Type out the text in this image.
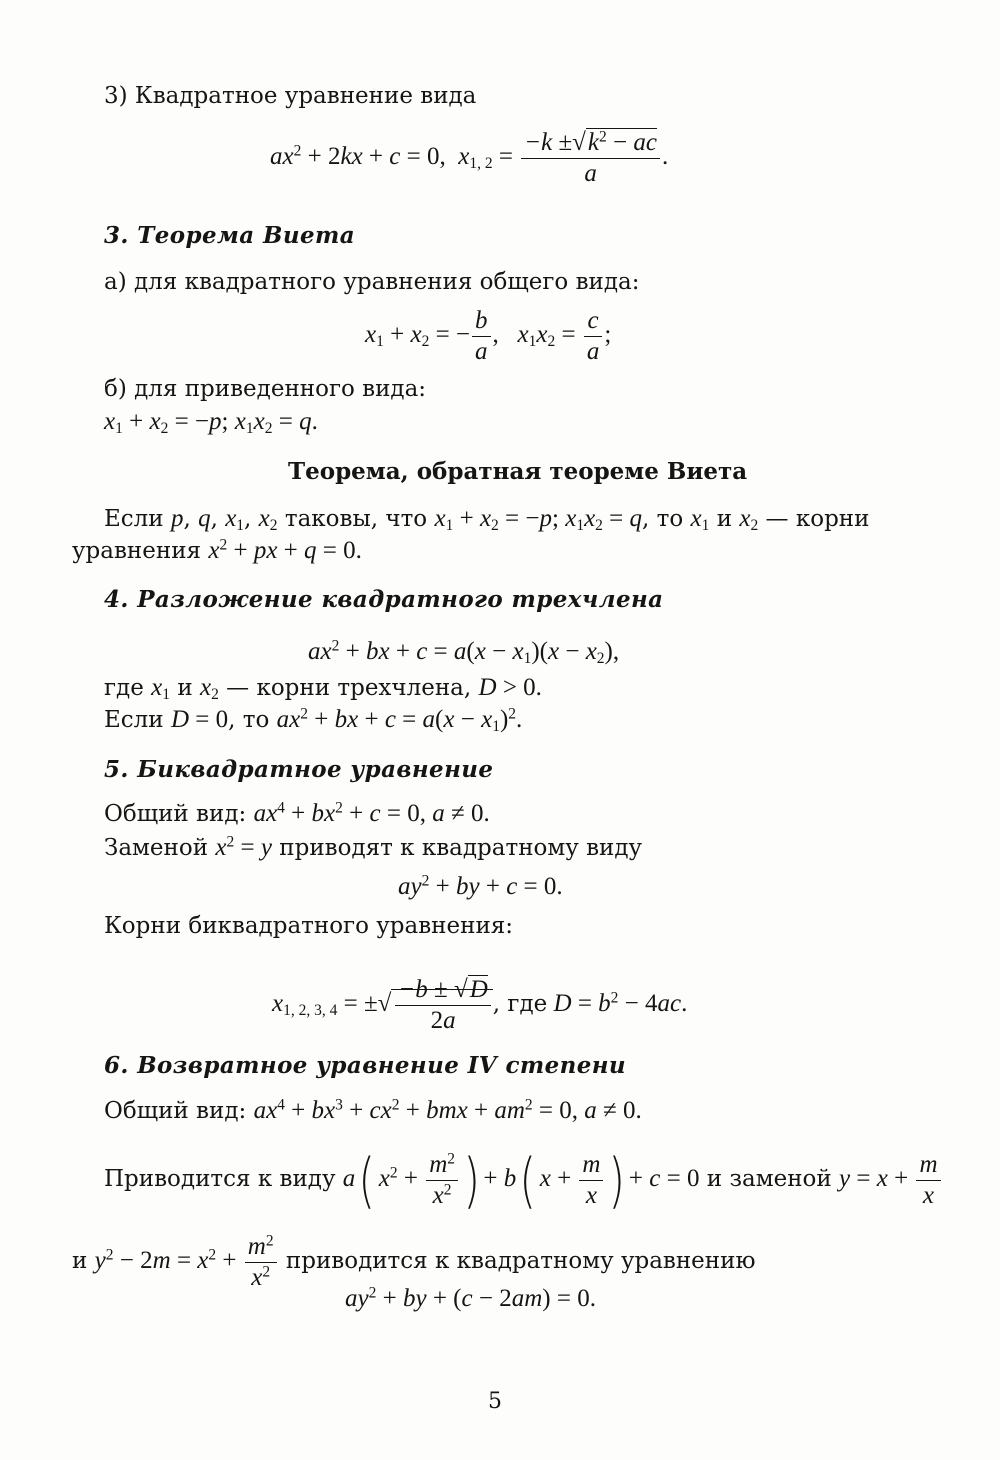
3) Квадратное уравнение вида
$ax^2 + 2kx + c = 0$, $x_{1, 2} = \frac{-k \pm√k^2 - ac}{a}$ .
3. Теорема Виета
а) для квадратного уравнения общего вида:
$x_1 + x_2$ = − $\frac{b}{a}$ ,   $x_1x_2 = \frac{c}{a}$ ;
б) для приведенного вида:
$x_1 + x_2 = -p$; $x_1x_2 = q$.
Теорема, обратная теореме Виета
Если p, q, $x_1$, $x_2$ таковы, что $x_1 + x_2 = -p$; $x_1x_2 = q$, то $x_1$ и $x_2$ — корни
уравнения $x^2$ + px + q = 0.
4. Разложение квадратного трехчлена
$ax^2$ + bx + $c = a(x - x_1)(x - x_2)$,
где $x_1$ и $x_2$ — корни трехчлена, D > 0.
Если D = 0, то $ax^2$ + bx + $c = a(x - x_1)^2$.
5. Биквадратное уравнение
Общий вид: $ax^4 + bx^2 + c = 0$, a ≠ 0.
Заменой $x^2 = y$ приводят к квадратному виду
$ay^2$ + by + c = 0.
Корни биквадратного уравнения:
$x_{1, 2, 3, 4}$ = ±√ $\frac{-b \pm √D}{2a}$ , где $D = b^2 - 4ac$.
6. Возвратное уравнение IV степени
Общий вид: $ax^4 + bx^3 + cx^2$ + bmx + $am^2 = 0$, a ≠ 0.
Приводится к виду a( $x^2 + \frac{m^2}{x^2}$ ) + b( $x + \frac{m}{x}$ ) + c = 0 и заменой $y = x + \frac{m}{x}$
и $y^2 - 2m = x^2 + \frac{m^2}{x^2}$ приводится к квадратному уравнению
$ay^2$ + by + (c − 2am) = 0.
5
